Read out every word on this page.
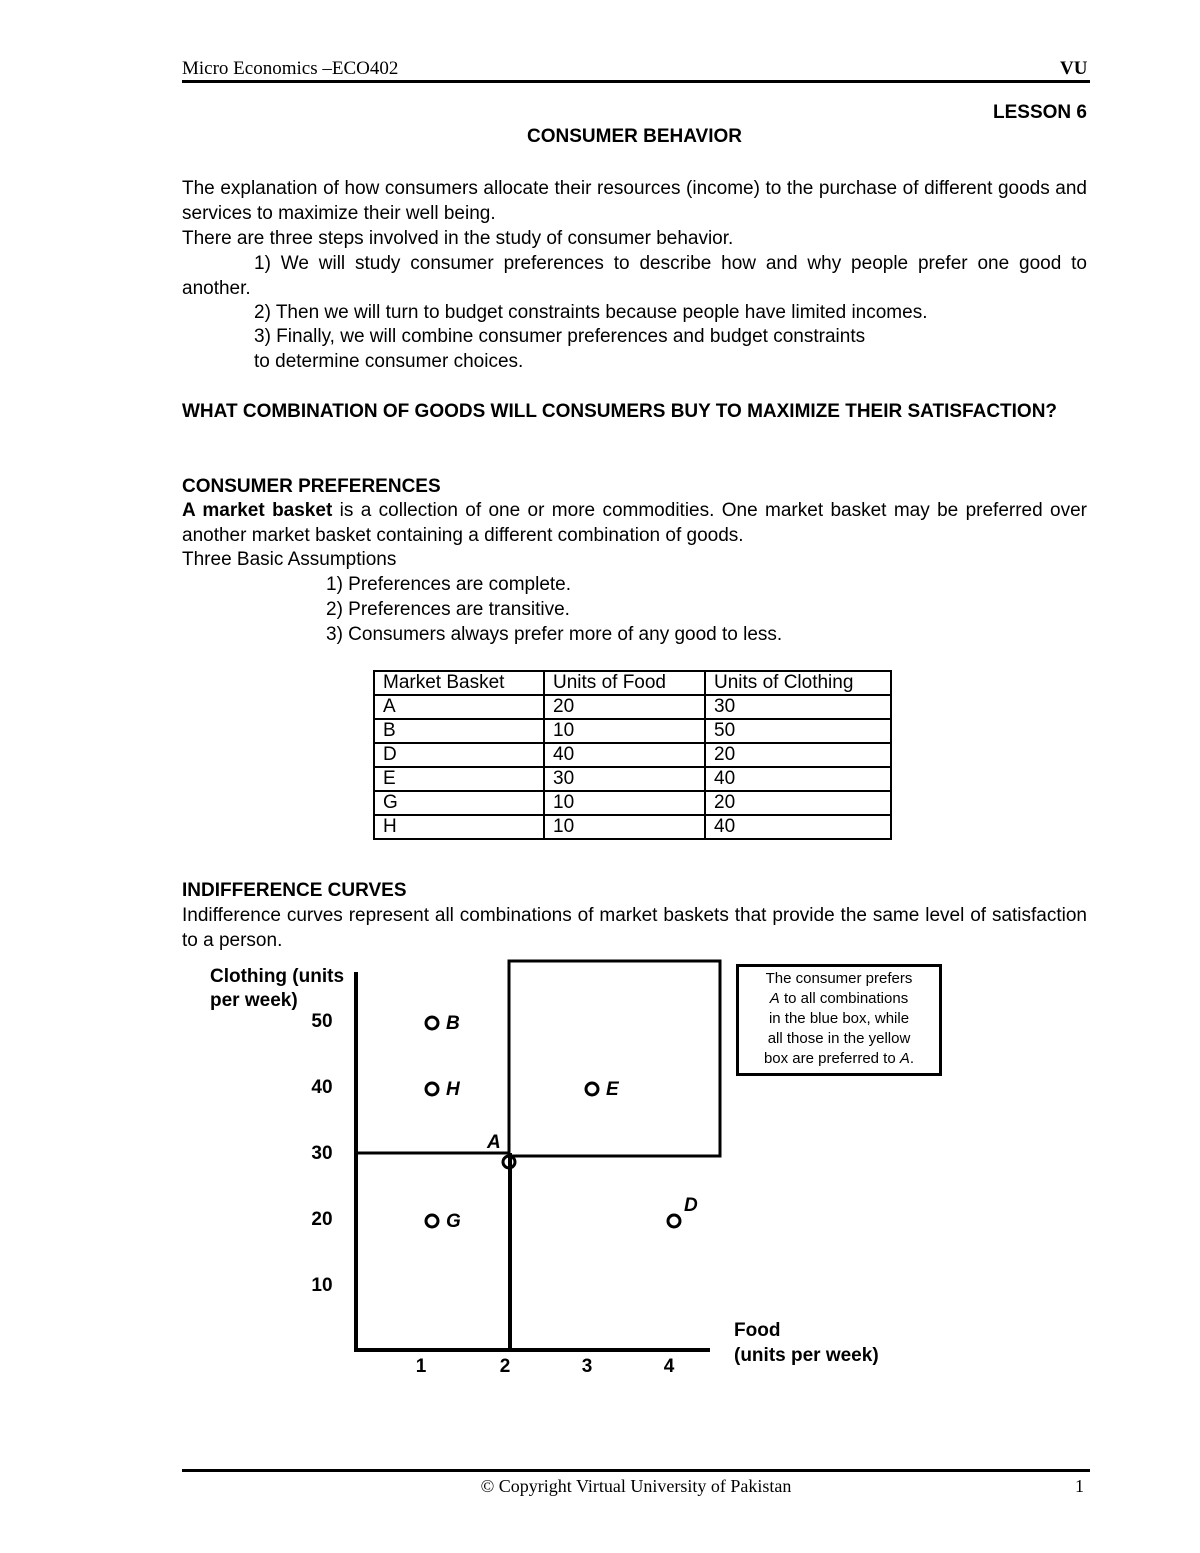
Micro Economics –ECO402	VU
LESSON 6
CONSUMER BEHAVIOR
The explanation of how consumers allocate their resources (income) to the purchase of different goods and services to maximize their well being.
There are three steps involved in the study of consumer behavior.
1) We will study consumer preferences to describe how and why people prefer one good to another.
2) Then we will turn to budget constraints because people have limited incomes.
3) Finally, we will combine consumer preferences and budget constraints
to determine consumer choices.
WHAT COMBINATION OF GOODS WILL CONSUMERS BUY TO MAXIMIZE THEIR SATISFACTION?
CONSUMER PREFERENCES
A market basket is a collection of one or more commodities. One market basket may be preferred over another market basket containing a different combination of goods.
Three Basic Assumptions
1) Preferences are complete.
2) Preferences are transitive.
3) Consumers always prefer more of any good to less.
Market Basket	Units of Food	Units of Clothing
A	20	30
B	10	50
D	40	20
E	30	40
G	10	20
H	10	40
INDIFFERENCE CURVES
Indifference curves represent all combinations of market baskets that provide the same level of satisfaction to a person.
Clothing (units
per week)
50
40
30
20
10
1	2	3	4
B
H	E
A
G
D
Food
(units per week)
The consumer prefers
A to all combinations
in the blue box, while
all those in the yellow
box are preferred to A.
© Copyright Virtual University of Pakistan	1
